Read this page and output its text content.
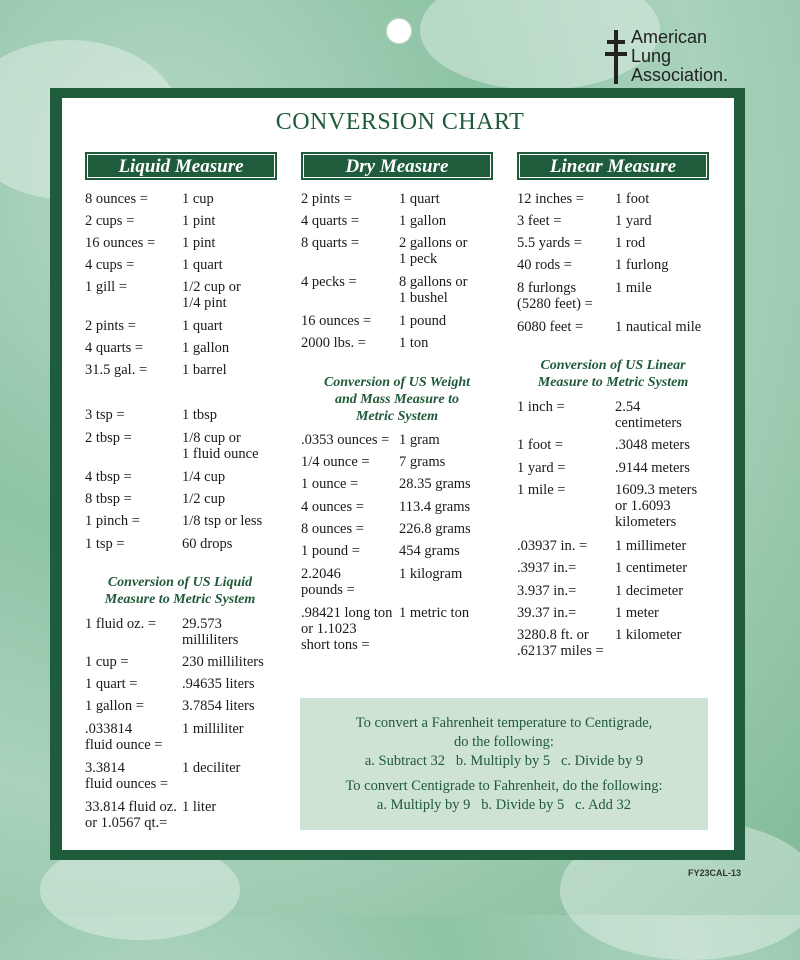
American
Lung
Association.
CONVERSION CHART
Liquid Measure	Dry Measure	Linear Measure
8 ounces = 1 cup
2 cups =	1 pint
16 ounces = 1 pint
4 cups =	1 quart
1 gill =	1/2 cup or
1/4 pint
2 pints =	1 quart
4 quarts =	1 gallon
31.5 gal. = 1 barrel
3 tsp =	1 tbsp
2 tbsp =	1/8 cup or
1 fluid ounce
4 tbsp =	1/4 cup
8 tbsp =	1/2 cup
1 pinch =	1/8 tsp or less
1 tsp =	60 drops
Conversion of US Liquid
Measure to Metric System
1 fluid oz. = 29.573
milliliters
1 cup =	230 milliliters
1 quart =	.94635 liters
1 gallon =	3.7854 liters
.033814
fluid ounce =
1 milliliter
3.3814
fluid ounces =
1 deciliter
33.814 fluid oz.
or 1.0567 qt.=
1 liter
2 pints =	1 quart
4 quarts =	1 gallon
8 quarts =	2 gallons or
1 peck
4 pecks =	8 gallons or
1 bushel
16 ounces = 1 pound
2000 lbs. = 1 ton
Conversion of US Weight
and Mass Measure to
Metric System
.0353 ounces = 1 gram
1/4 ounce = 7 grams
1 ounce =	28.35 grams
4 ounces = 113.4 grams
8 ounces = 226.8 grams
1 pound =	454 grams
2.2046
pounds =
1 kilogram
.98421 long ton
or 1.1023
short tons =
1 metric ton
12 inches = 1 foot
3 feet =	1 yard
5.5 yards = 1 rod
40 rods =	1 furlong
8 furlongs
(5280 feet) =
1 mile
6080 feet = 1 nautical mile
Conversion of US Linear
Measure to Metric System
1 inch =	2.54
centimeters
1 foot =	.3048 meters
1 yard =	.9144 meters
1 mile =	1609.3 meters
or 1.6093
kilometers
.03937 in. = 1 millimeter
.3937 in.=	1 centimeter
3.937 in.=	1 decimeter
39.37 in.=	1 meter
3280.8 ft. or
.62137 miles =
1 kilometer

To convert a Fahrenheit temperature to Centigrade,

do the following:

a. Subtract 32   b. Multiply by 5   c. Divide by 9

To convert Centigrade to Fahrenheit, do the following:

a. Multiply by 9   b. Divide by 5   c. Add 32

FY23CAL-13
